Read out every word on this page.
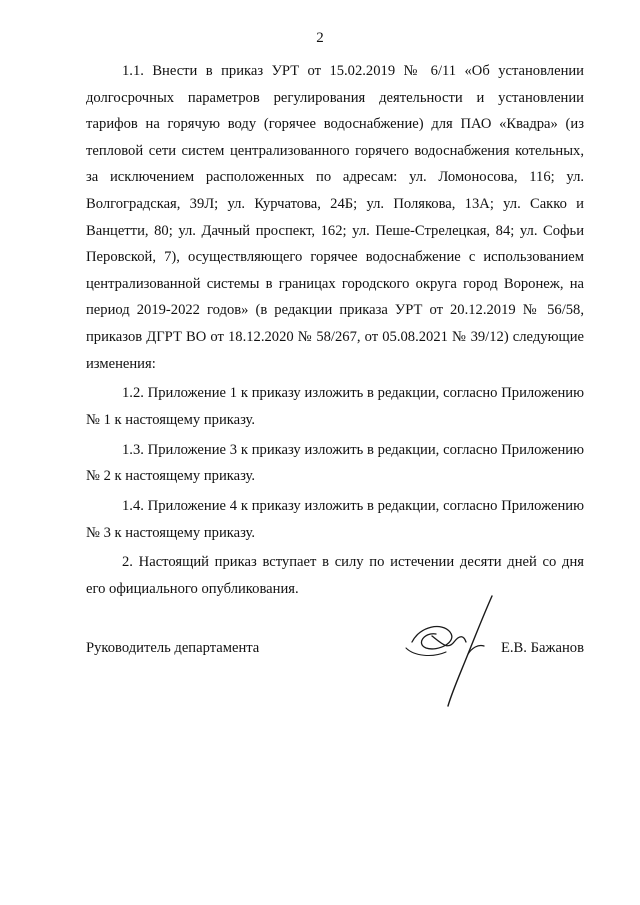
2

1.1. Внести в приказ УРТ от 15.02.2019 № 6/11 «Об установлении долгосрочных параметров регулирования деятельности и установлении тарифов на горячую воду (горячее водоснабжение) для ПАО «Квадра» (из тепловой сети систем централизованного горячего водоснабжения котельных, за исключением расположенных по адресам: ул. Ломоносова, 116; ул. Волгоградская, 39Л; ул. Курчатова, 24Б; ул. Полякова, 13А; ул. Сакко и Ванцетти, 80; ул. Дачный проспект, 162; ул. Пеше-Стрелецкая, 84; ул. Софьи Перовской, 7), осуществляющего горячее водоснабжение с использованием централизованной системы в границах городского округа город Воронеж, на период 2019-2022 годов» (в редакции приказа УРТ от 20.12.2019 № 56/58, приказов ДГРТ ВО от 18.12.2020 № 58/267, от 05.08.2021 № 39/12) следующие изменения:

1.2. Приложение 1 к приказу изложить в редакции, согласно Приложению № 1 к настоящему приказу.

1.3. Приложение 3 к приказу изложить в редакции, согласно Приложению № 2 к настоящему приказу.

1.4. Приложение 4 к приказу изложить в редакции, согласно Приложению № 3 к настоящему приказу.

2. Настоящий приказ вступает в силу по истечении десяти дней со дня его официального опубликования.

Руководитель департамента	Е.В. Бажанов
